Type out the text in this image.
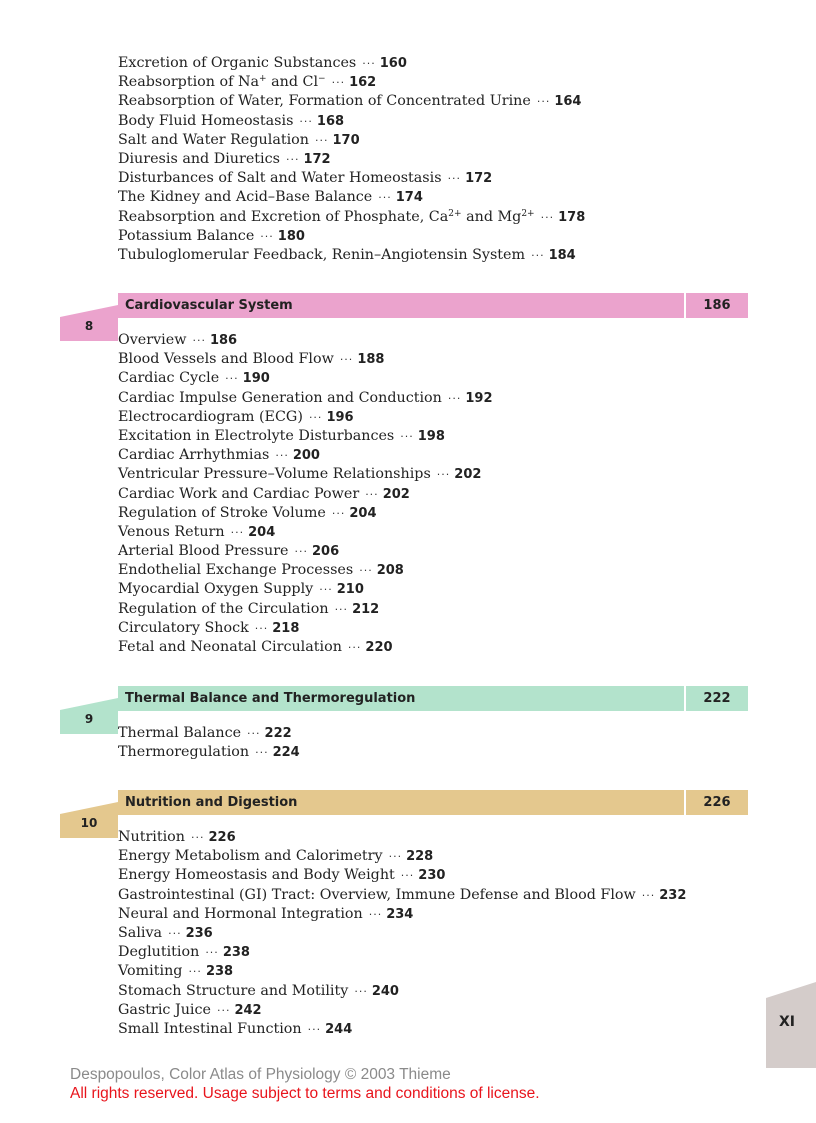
Excretion of Organic Substances ··· 160
Reabsorption of Na+ and Cl− ··· 162
Reabsorption of Water, Formation of Concentrated Urine ··· 164
Body Fluid Homeostasis ··· 168
Salt and Water Regulation ··· 170
Diuresis and Diuretics ··· 172
Disturbances of Salt and Water Homeostasis ··· 172
The Kidney and Acid–Base Balance ··· 174
Reabsorption and Excretion of Phosphate, $Ca^{2+}$ and $Mg^{2+}$ ··· 178
Potassium Balance ··· 180
Tubuloglomerular Feedback, Renin–Angiotensin System ··· 184
8
Cardiovascular System	186
Overview ··· 186
Blood Vessels and Blood Flow ··· 188
Cardiac Cycle ··· 190
Cardiac Impulse Generation and Conduction ··· 192
Electrocardiogram (ECG) ··· 196
Excitation in Electrolyte Disturbances ··· 198
Cardiac Arrhythmias ··· 200
Ventricular Pressure–Volume Relationships ··· 202
Cardiac Work and Cardiac Power ··· 202
Regulation of Stroke Volume ··· 204
Venous Return ··· 204
Arterial Blood Pressure ··· 206
Endothelial Exchange Processes ··· 208
Myocardial Oxygen Supply ··· 210
Regulation of the Circulation ··· 212
Circulatory Shock ··· 218
Fetal and Neonatal Circulation ··· 220
9
Thermal Balance and Thermoregulation	222
Thermal Balance ··· 222
Thermoregulation ··· 224
10
Nutrition and Digestion	226
Nutrition ··· 226
Energy Metabolism and Calorimetry ··· 228
Energy Homeostasis and Body Weight ··· 230
Gastrointestinal (GI) Tract: Overview, Immune Defense and Blood Flow ··· 232
Neural and Hormonal Integration ··· 234
Saliva ··· 236
Deglutition ··· 238
Vomiting ··· 238
Stomach Structure and Motility ··· 240
Gastric Juice ··· 242
Small Intestinal Function ··· 244	XI
Despopoulos, Color Atlas of Physiology © 2003 Thieme
All rights reserved. Usage subject to terms and conditions of license.
